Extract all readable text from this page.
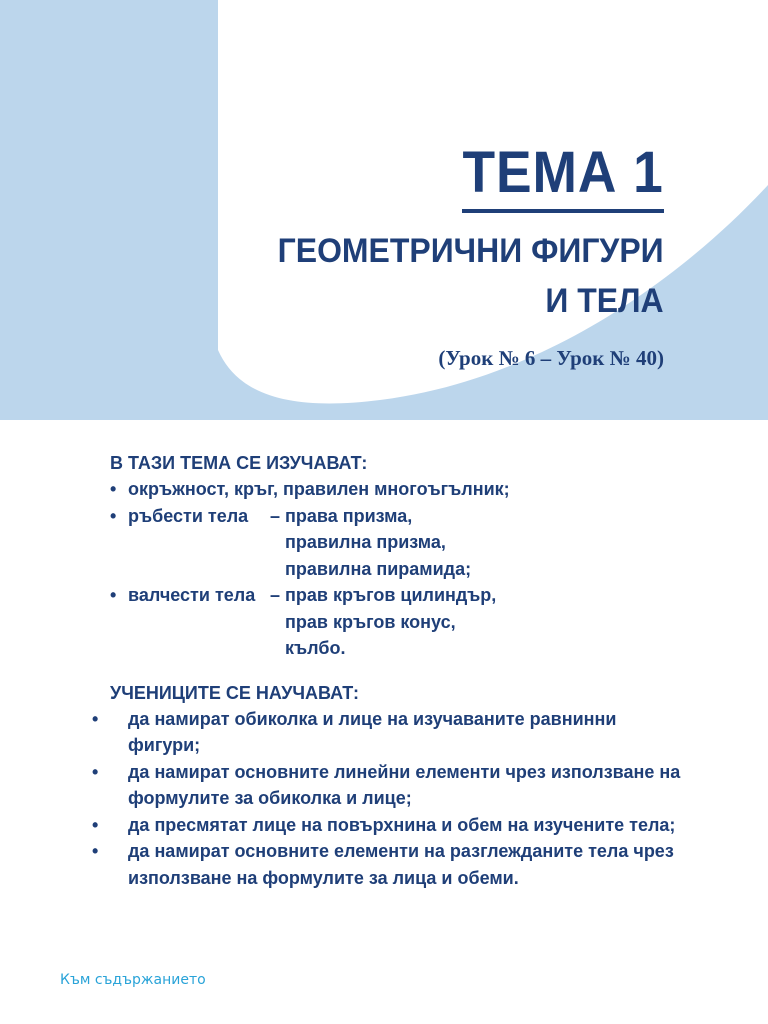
ТЕМА 1
ГЕОМЕТРИЧНИ ФИГУРИ
И ТЕЛА
(Урок № 6 – Урок № 40)

В ТАЗИ ТЕМА СЕ ИЗУЧАВАТ:

• окръжност, кръг, правилен многоъгълник;
• ръбести тела – права призма,
правилна призма,
правилна пирамида;
• валчести тела – прав кръгов цилиндър,
прав кръгов конус,
кълбо.

УЧЕНИЦИТЕ СЕ НАУЧАВАТ:

• да намират обиколка и лице на изучаваните равнинни фигури;
• да намират основните линейни елементи чрез използване на формулите за обиколка и лице;
• да пресмятат лице на повърхнина и обем на изучените тела;
• да намират основните елементи на разглежданите тела чрез използване на формулите за лица и обеми.
Към съдържанието
